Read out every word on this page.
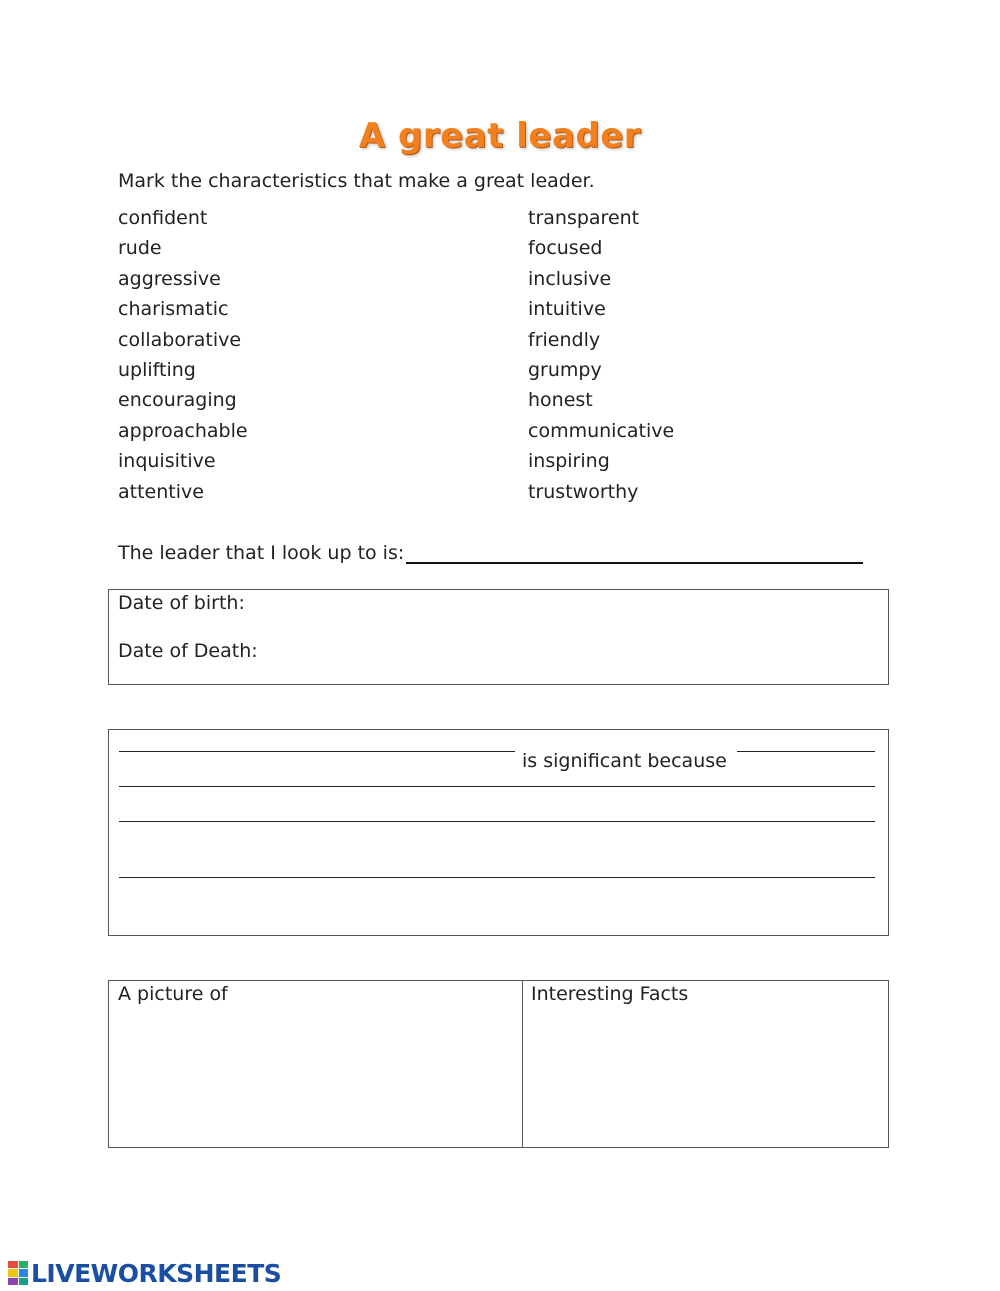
A great leader
Mark the characteristics that make a great leader.
confident
rude
aggressive
charismatic
collaborative
uplifting
encouraging
approachable
inquisitive
attentive
transparent
focused
inclusive
intuitive
friendly
grumpy
honest
communicative
inspiring
trustworthy
The leader that I look up to is:
Date of birth:
Date of Death:
is significant because
A picture of	Interesting Facts
LIVEWORKSHEETS
